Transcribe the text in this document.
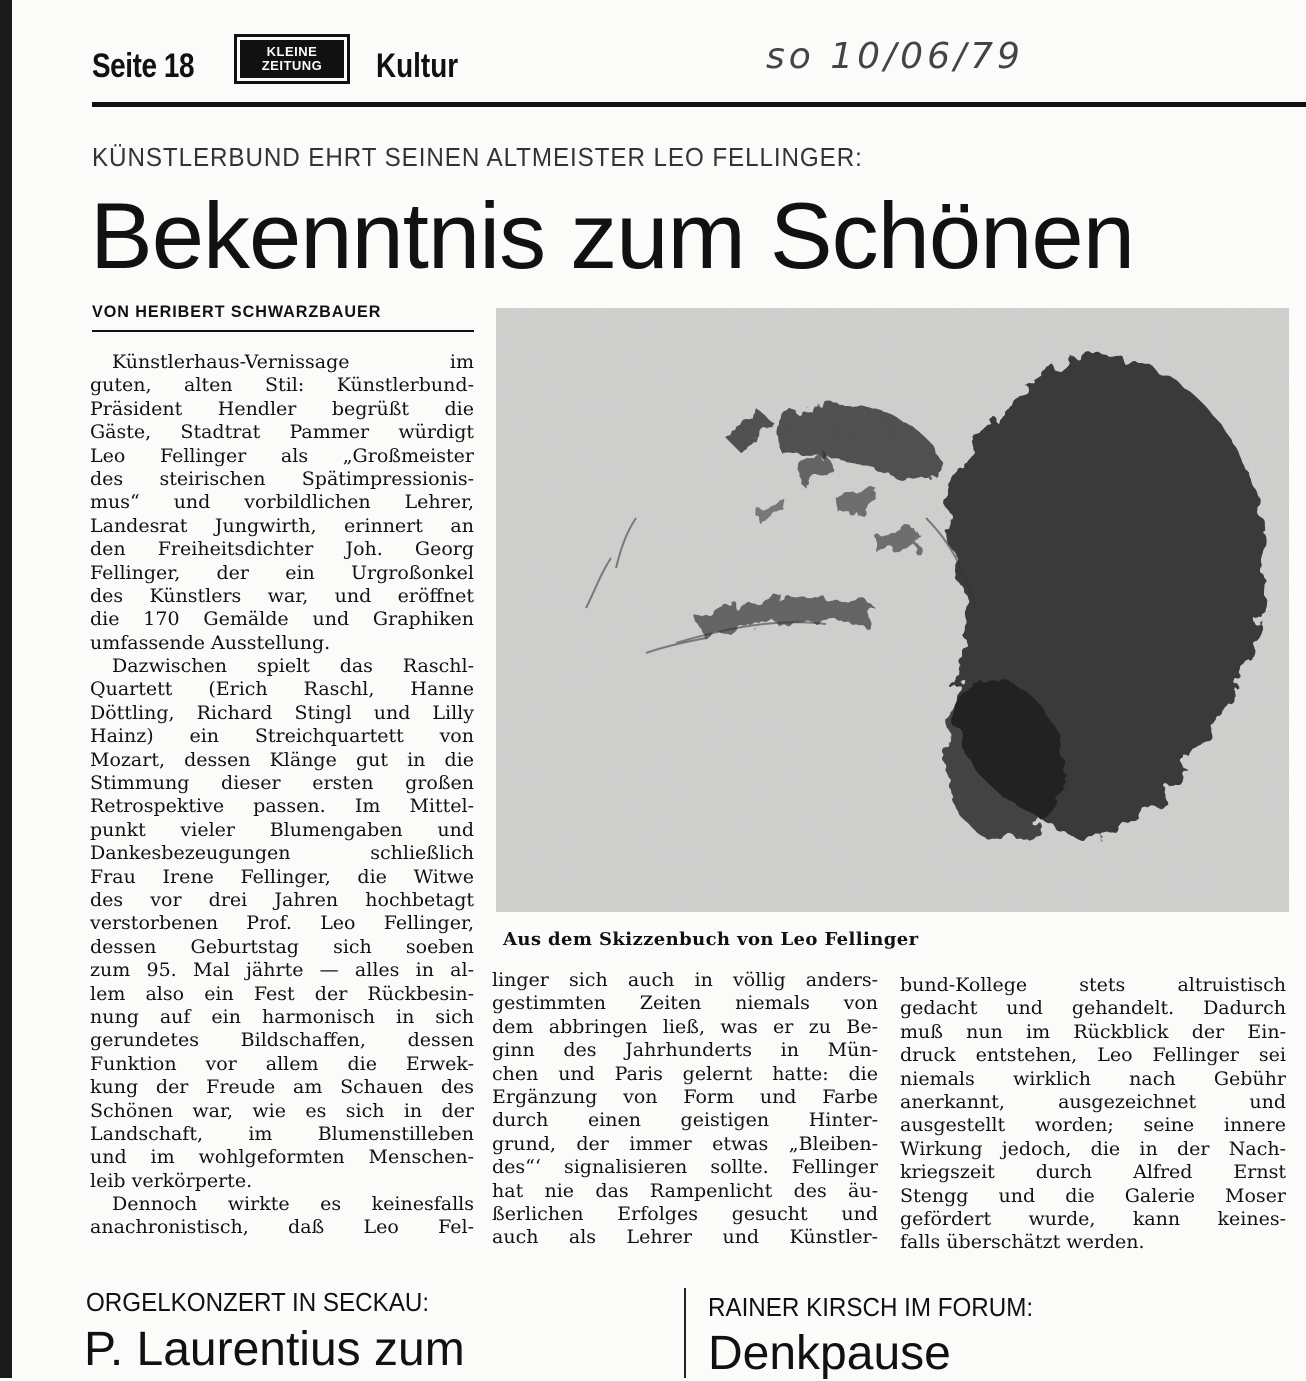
Seite 18	KLEINE
ZEITUNG Kultur	so 10/06/79
KÜNSTLERBUND EHRT SEINEN ALTMEISTER LEO FELLINGER:
Bekenntnis zum Schönen
VON HERIBERT SCHWARZBAUER
Aus dem Skizzenbuch von Leo Fellinger
Künstlerhaus-Vernissage im
guten, alten Stil: Künstlerbund-
Präsident Hendler begrüßt die
Gäste, Stadtrat Pammer würdigt
Leo Fellinger als „Großmeister
des steirischen Spätimpressionis-
mus“ und vorbildlichen Lehrer,
Landesrat Jungwirth, erinnert an
den Freiheitsdichter Joh. Georg
Fellinger, der ein Urgroßonkel
des Künstlers war, und eröffnet
die 170 Gemälde und Graphiken
umfassende Ausstellung.
Dazwischen spielt das Raschl-
Quartett (Erich Raschl, Hanne
Döttling, Richard Stingl und Lilly
Hainz) ein Streichquartett von
Mozart, dessen Klänge gut in die
Stimmung dieser ersten großen
Retrospektive passen. Im Mittel-
punkt vieler Blumengaben und
Dankesbezeugungen schließlich
Frau Irene Fellinger, die Witwe
des vor drei Jahren hochbetagt
verstorbenen Prof. Leo Fellinger,
dessen Geburtstag sich soeben
zum 95. Mal jährte — alles in al-
lem also ein Fest der Rückbesin-
nung auf ein harmonisch in sich
gerundetes Bildschaffen, dessen
Funktion vor allem die Erwek-
kung der Freude am Schauen des
Schönen war, wie es sich in der
Landschaft, im Blumenstilleben
und im wohlgeformten Menschen-
leib verkörperte.
Dennoch wirkte es keinesfalls
anachronistisch, daß Leo Fel-
linger sich auch in völlig anders-
gestimmten Zeiten niemals von
dem abbringen ließ, was er zu Be-
ginn des Jahrhunderts in Mün-
chen und Paris gelernt hatte: die
Ergänzung von Form und Farbe
durch einen geistigen Hinter-
grund, der immer etwas „Bleiben-
des“‘ signalisieren sollte. Fellinger
hat nie das Rampenlicht des äu-
ßerlichen Erfolges gesucht und
auch als Lehrer und Künstler-
bund-Kollege stets altruistisch
gedacht und gehandelt. Dadurch
muß nun im Rückblick der Ein-
druck entstehen, Leo Fellinger sei
niemals wirklich nach Gebühr
anerkannt, ausgezeichnet und
ausgestellt worden; seine innere
Wirkung jedoch, die in der Nach-
kriegszeit durch Alfred Ernst
Stengg und die Galerie Moser
gefördert wurde, kann keines-
falls überschätzt werden.
ORGELKONZERT IN SECKAU:
P. Laurentius zum
RAINER KIRSCH IM FORUM:
Denkpause
